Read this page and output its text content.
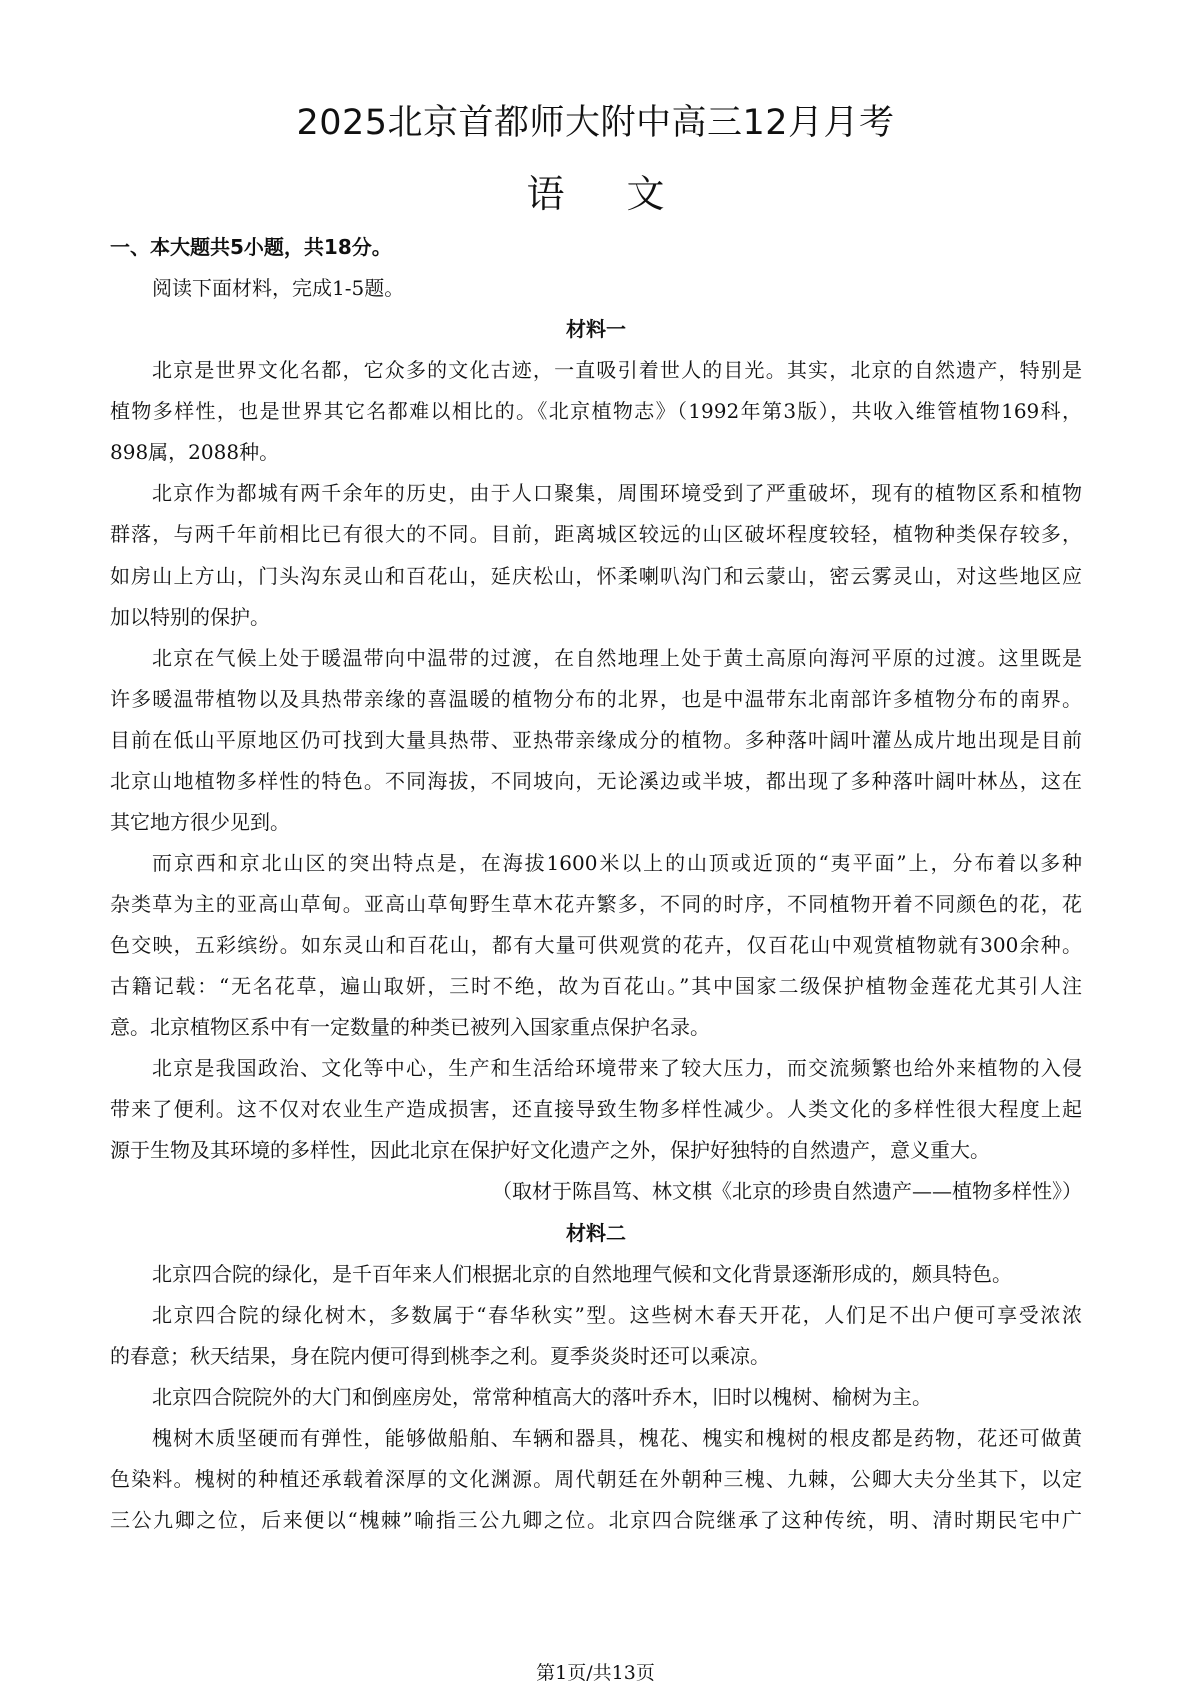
2025北京首都师大附中高三12月月考
语文
一、本大题共5小题，共18分。
阅读下面材料，完成1-5题。
材料一
北京是世界文化名都，它众多的文化古迹，一直吸引着世人的目光。其实，北京的自然遗产，特别是
植物多样性，也是世界其它名都难以相比的。《北京植物志》（1992年第3版），共收入维管植物169科，
898属，2088种。
北京作为都城有两千余年的历史，由于人口聚集，周围环境受到了严重破坏，现有的植物区系和植物
群落，与两千年前相比已有很大的不同。目前，距离城区较远的山区破坏程度较轻，植物种类保存较多，
如房山上方山，门头沟东灵山和百花山，延庆松山，怀柔喇叭沟门和云蒙山，密云雾灵山，对这些地区应
加以特别的保护。
北京在气候上处于暖温带向中温带的过渡，在自然地理上处于黄土高原向海河平原的过渡。这里既是
许多暖温带植物以及具热带亲缘的喜温暖的植物分布的北界，也是中温带东北南部许多植物分布的南界。
目前在低山平原地区仍可找到大量具热带、亚热带亲缘成分的植物。多种落叶阔叶灌丛成片地出现是目前
北京山地植物多样性的特色。不同海拔，不同坡向，无论溪边或半坡，都出现了多种落叶阔叶林丛，这在
其它地方很少见到。
而京西和京北山区的突出特点是，在海拔1600米以上的山顶或近顶的“夷平面”上，分布着以多种
杂类草为主的亚高山草甸。亚高山草甸野生草木花卉繁多，不同的时序，不同植物开着不同颜色的花，花
色交映，五彩缤纷。如东灵山和百花山，都有大量可供观赏的花卉，仅百花山中观赏植物就有300余种。
古籍记载：“无名花草，遍山取妍，三时不绝，故为百花山。”其中国家二级保护植物金莲花尤其引人注
意。北京植物区系中有一定数量的种类已被列入国家重点保护名录。
北京是我国政治、文化等中心，生产和生活给环境带来了较大压力，而交流频繁也给外来植物的入侵
带来了便利。这不仅对农业生产造成损害，还直接导致生物多样性减少。人类文化的多样性很大程度上起
源于生物及其环境的多样性，因此北京在保护好文化遗产之外，保护好独特的自然遗产，意义重大。
（取材于陈昌笃、林文棋《北京的珍贵自然遗产——植物多样性》）
材料二
北京四合院的绿化，是千百年来人们根据北京的自然地理气候和文化背景逐渐形成的，颇具特色。
北京四合院的绿化树木，多数属于“春华秋实”型。这些树木春天开花，人们足不出户便可享受浓浓
的春意；秋天结果，身在院内便可得到桃李之利。夏季炎炎时还可以乘凉。
北京四合院院外的大门和倒座房处，常常种植高大的落叶乔木，旧时以槐树、榆树为主。
槐树木质坚硬而有弹性，能够做船舶、车辆和器具，槐花、槐实和槐树的根皮都是药物，花还可做黄
色染料。槐树的种植还承载着深厚的文化渊源。周代朝廷在外朝种三槐、九棘，公卿大夫分坐其下，以定
三公九卿之位，后来便以“槐棘”喻指三公九卿之位。北京四合院继承了这种传统，明、清时期民宅中广
第1页/共13页
